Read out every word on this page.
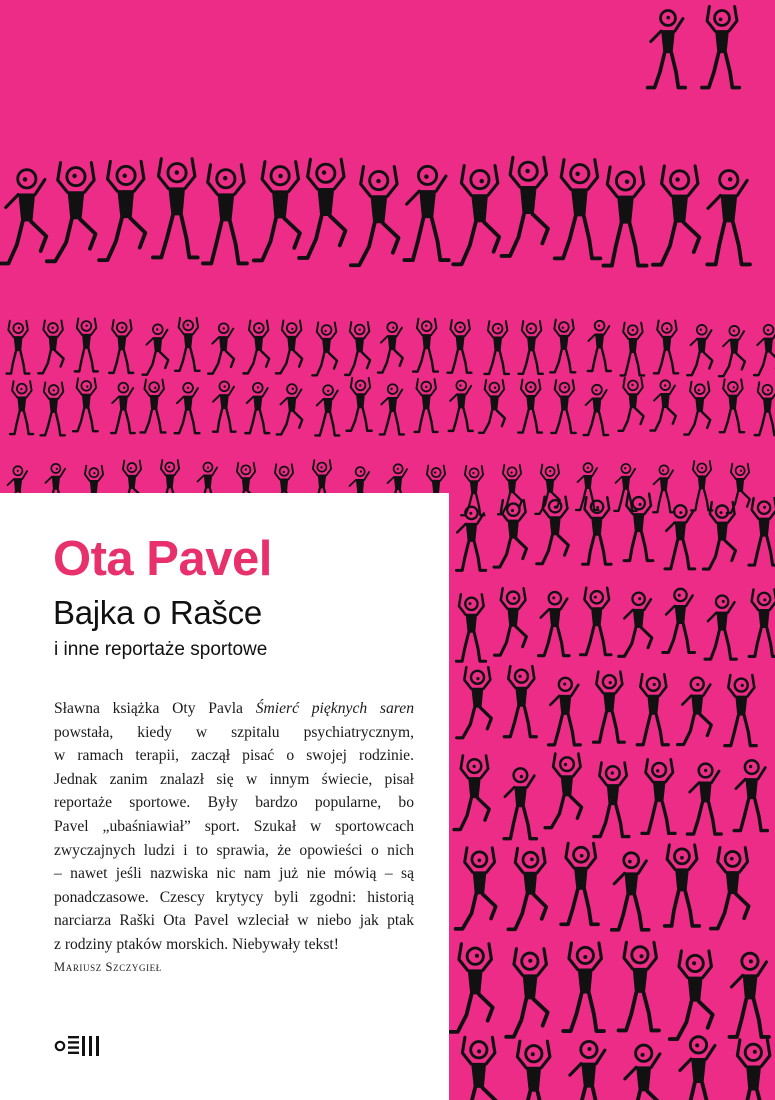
Ota Pavel
Bajka o Rašce

i inne reportaże sportowe

Sławna książka Oty Pavla Śmierć pięknych saren
powstała, kiedy w szpitalu psychiatrycznym,
w ramach terapii, zaczął pisać o swojej rodzinie.
Jednak zanim znalazł się w innym świecie, pisał
reportaże sportowe. Były bardzo popularne, bo
Pavel „ubaśniawiał” sport. Szukał w sportowcach
zwyczajnych ludzi i to sprawia, że opowieści o nich
– nawet jeśli nazwiska nic nam już nie mówią – są
ponadczasowe. Czescy krytycy byli zgodni: historią
narciarza Raški Ota Pavel wzleciał w niebo jak ptak
z rodziny ptaków morskich. Niebywały tekst!

Mariusz Szczygieł
